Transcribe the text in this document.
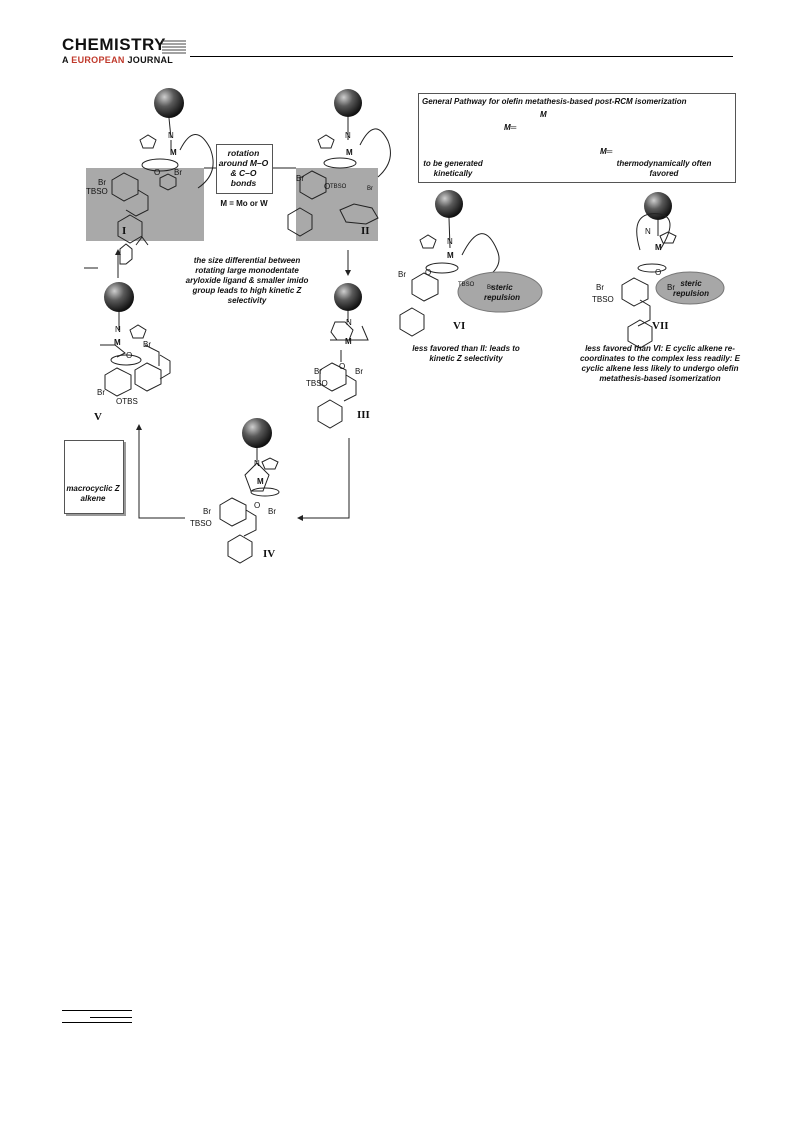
CHEMISTRY
A EUROPEAN JOURNAL
General Pathway for olefin metathesis-based post-RCM isomerization
M═
M═
M
to be generated kinetically
thermodynamically often favored
rotation around M–O & C–O bonds
M = Mo or W
the size differential between rotating large monodentate aryloxide ligand & smaller imido group leads to high kinetic Z selectivity
I	II
III
IV
V
VI	VII
N
M
O
Br
Br
TBSO
N
M
O
Br
Br
TBSO
N
M
O
Br
Br
OTBS
N
M
O
Br	Br
TBSO
N
M
O
Br	Br
TBSO
N
M
O
Br
Br
TBSO
N
M
O
Br	Br
TBSO
steric repulsion
steric repulsion
less favored than II: leads to kinetic Z selectivity
less favored than VI: E cyclic alkene re-coordinates to the complex less readily: E cyclic alkene less likely to undergo olefin metathesis-based isomerization
macrocyclic Z alkene
